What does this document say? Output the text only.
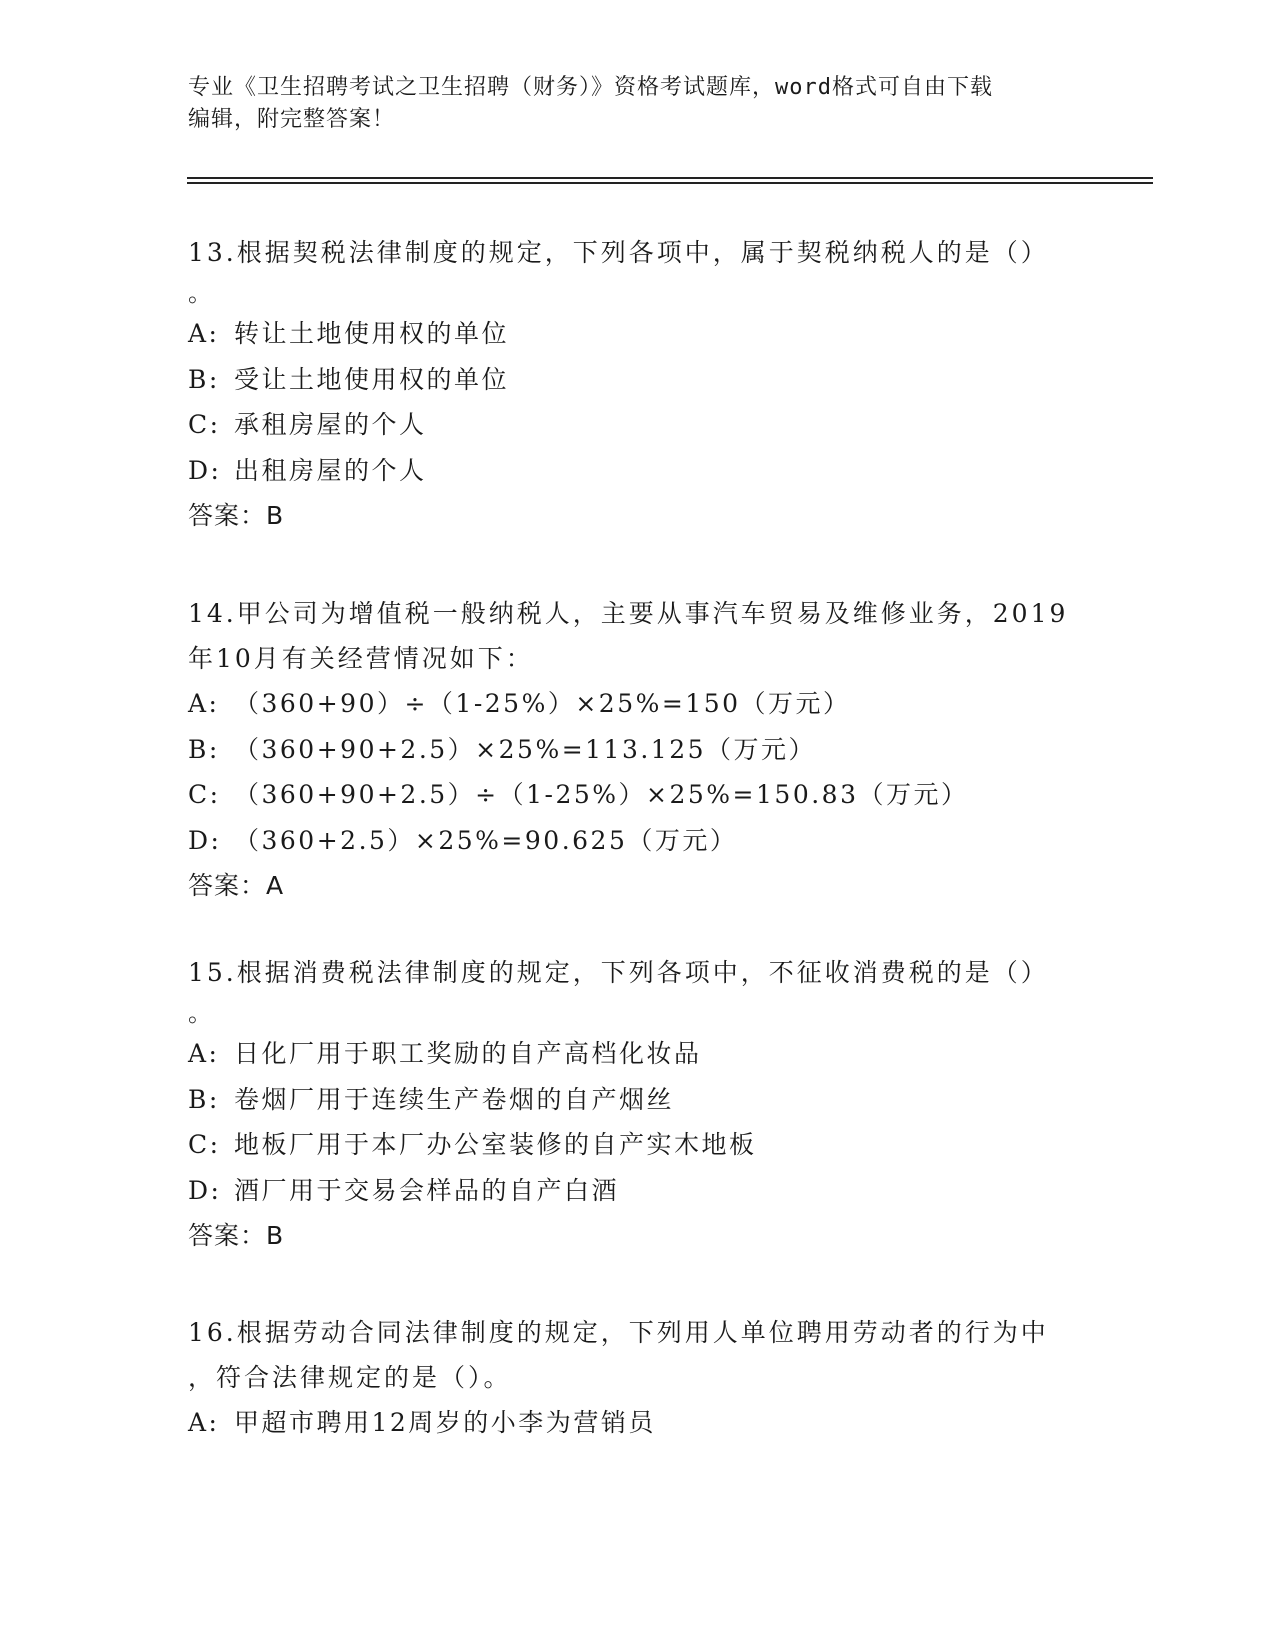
专业《卫生招聘考试之卫生招聘（财务）》资格考试题库，word格式可自由下载
编辑，附完整答案！

13.根据契税法律制度的规定，下列各项中，属于契税纳税人的是（）

。

A: 转让土地使用权的单位
B: 受让土地使用权的单位
C: 承租房屋的个人
D: 出租房屋的个人
答案：B

14.甲公司为增值税一般纳税人，主要从事汽车贸易及维修业务，2019

年10月有关经营情况如下：

A: （360+90）÷（1-25%）×25%=150（万元）
B: （360+90+2.5）×25%=113.125（万元）
C: （360+90+2.5）÷（1-25%）×25%=150.83（万元）
D: （360+2.5）×25%=90.625（万元）
答案：A

15.根据消费税法律制度的规定，下列各项中，不征收消费税的是（）

。

A: 日化厂用于职工奖励的自产高档化妆品
B: 卷烟厂用于连续生产卷烟的自产烟丝
C: 地板厂用于本厂办公室装修的自产实木地板
D: 酒厂用于交易会样品的自产白酒
答案：B

16.根据劳动合同法律制度的规定，下列用人单位聘用劳动者的行为中

，符合法律规定的是（）。

A: 甲超市聘用12周岁的小李为营销员
